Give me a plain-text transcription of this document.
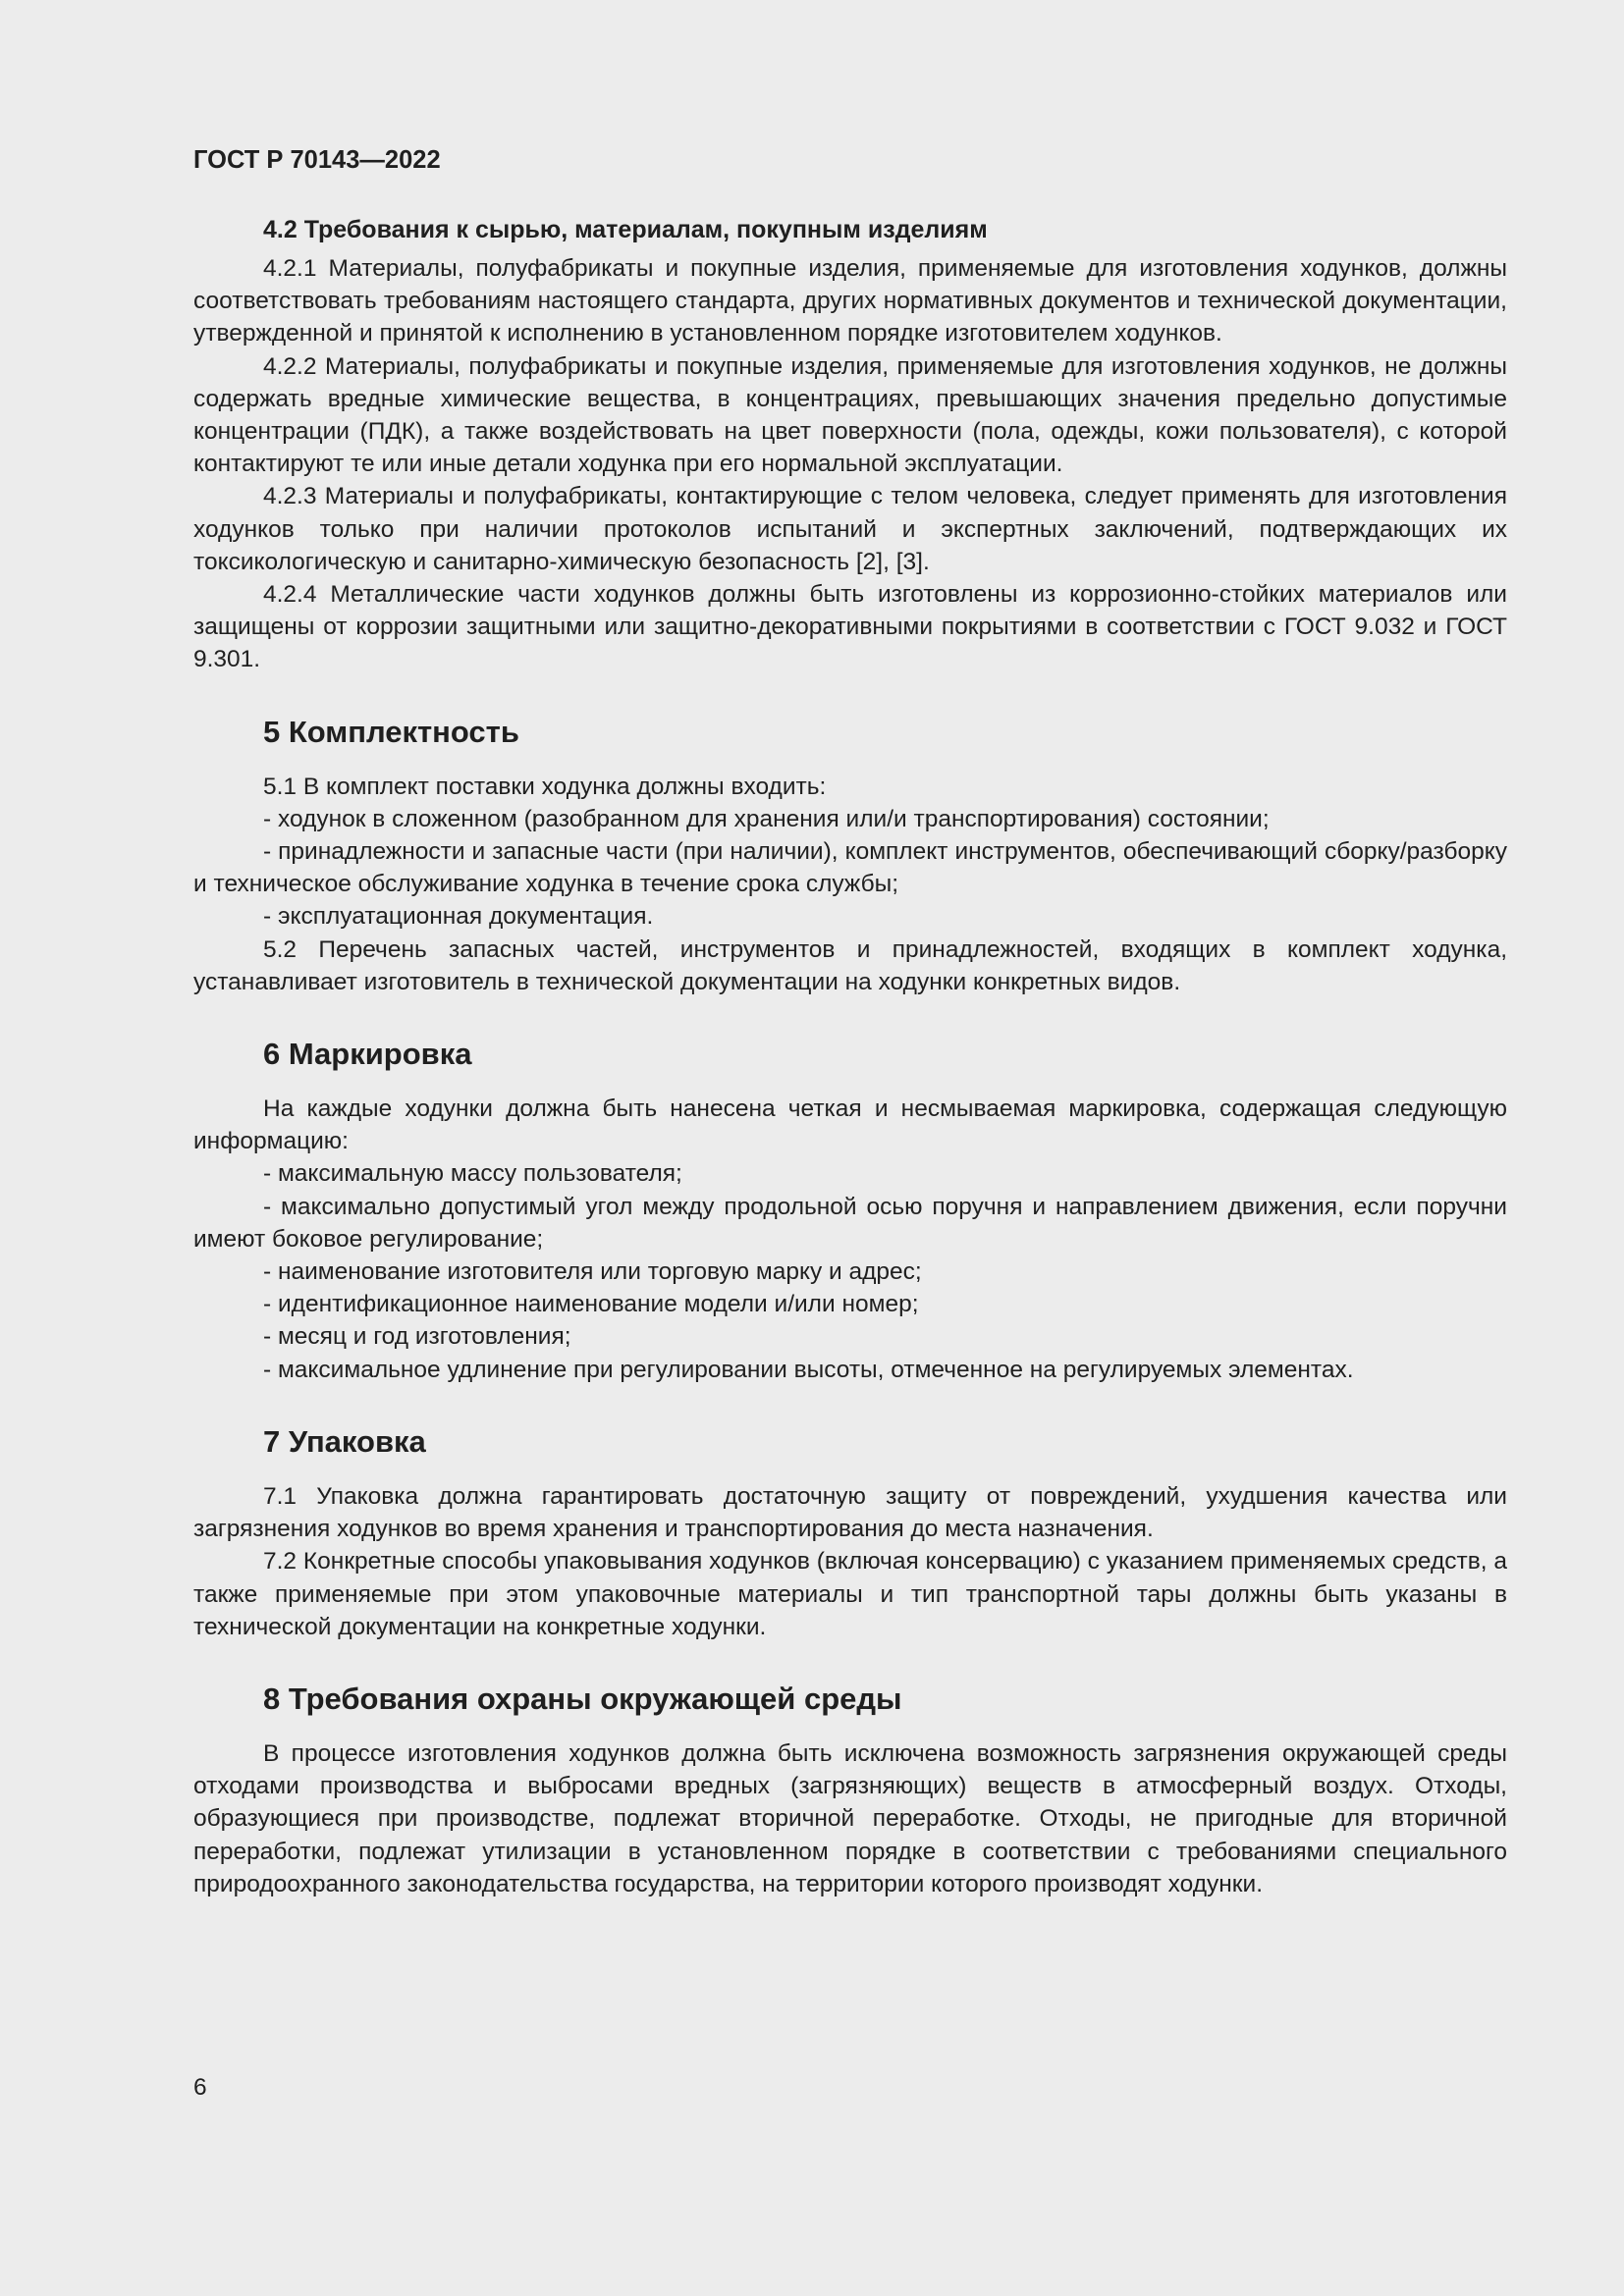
ГОСТ Р 70143—2022
4.2 Требования к сырью, материалам, покупным изделиям

4.2.1 Материалы, полуфабрикаты и покупные изделия, применяемые для изготовления ходунков, должны соответствовать требованиям настоящего стандарта, других нормативных документов и технической документации, утвержденной и принятой к исполнению в установленном порядке изготовителем ходунков.

4.2.2 Материалы, полуфабрикаты и покупные изделия, применяемые для изготовления ходунков, не должны содержать вредные химические вещества, в концентрациях, превышающих значения предельно допустимые концентрации (ПДК), а также воздействовать на цвет поверхности (пола, одежды, кожи пользователя), с которой контактируют те или иные детали ходунка при его нормальной эксплуатации.

4.2.3 Материалы и полуфабрикаты, контактирующие с телом человека, следует применять для изготовления ходунков только при наличии протоколов испытаний и экспертных заключений, подтверждающих их токсикологическую и санитарно-химическую безопасность [2], [3].

4.2.4 Металлические части ходунков должны быть изготовлены из коррозионно-стойких материалов или защищены от коррозии защитными или защитно-декоративными покрытиями в соответствии с ГОСТ 9.032 и ГОСТ 9.301.

5 Комплектность

5.1 В комплект поставки ходунка должны входить:

- ходунок в сложенном (разобранном для хранения или/и транспортирования) состоянии;

- принадлежности и запасные части (при наличии), комплект инструментов, обеспечивающий сборку/разборку и техническое обслуживание ходунка в течение срока службы;

- эксплуатационная документация.

5.2 Перечень запасных частей, инструментов и принадлежностей, входящих в комплект ходунка, устанавливает изготовитель в технической документации на ходунки конкретных видов.

6 Маркировка

На каждые ходунки должна быть нанесена четкая и несмываемая маркировка, содержащая следующую информацию:

- максимальную массу пользователя;

- максимально допустимый угол между продольной осью поручня и направлением движения, если поручни имеют боковое регулирование;

- наименование изготовителя или торговую марку и адрес;

- идентификационное наименование модели и/или номер;

- месяц и год изготовления;

- максимальное удлинение при регулировании высоты, отмеченное на регулируемых элементах.

7 Упаковка

7.1 Упаковка должна гарантировать достаточную защиту от повреждений, ухудшения качества или загрязнения ходунков во время хранения и транспортирования до места назначения.

7.2 Конкретные способы упаковывания ходунков (включая консервацию) с указанием применяемых средств, а также применяемые при этом упаковочные материалы и тип транспортной тары должны быть указаны в технической документации на конкретные ходунки.

8 Требования охраны окружающей среды

В процессе изготовления ходунков должна быть исключена возможность загрязнения окружающей среды отходами производства и выбросами вредных (загрязняющих) веществ в атмосферный воздух. Отходы, образующиеся при производстве, подлежат вторичной переработке. Отходы, не пригодные для вторичной переработки, подлежат утилизации в установленном порядке в соответствии с требованиями специального природоохранного законодательства государства, на территории которого производят ходунки.

6
